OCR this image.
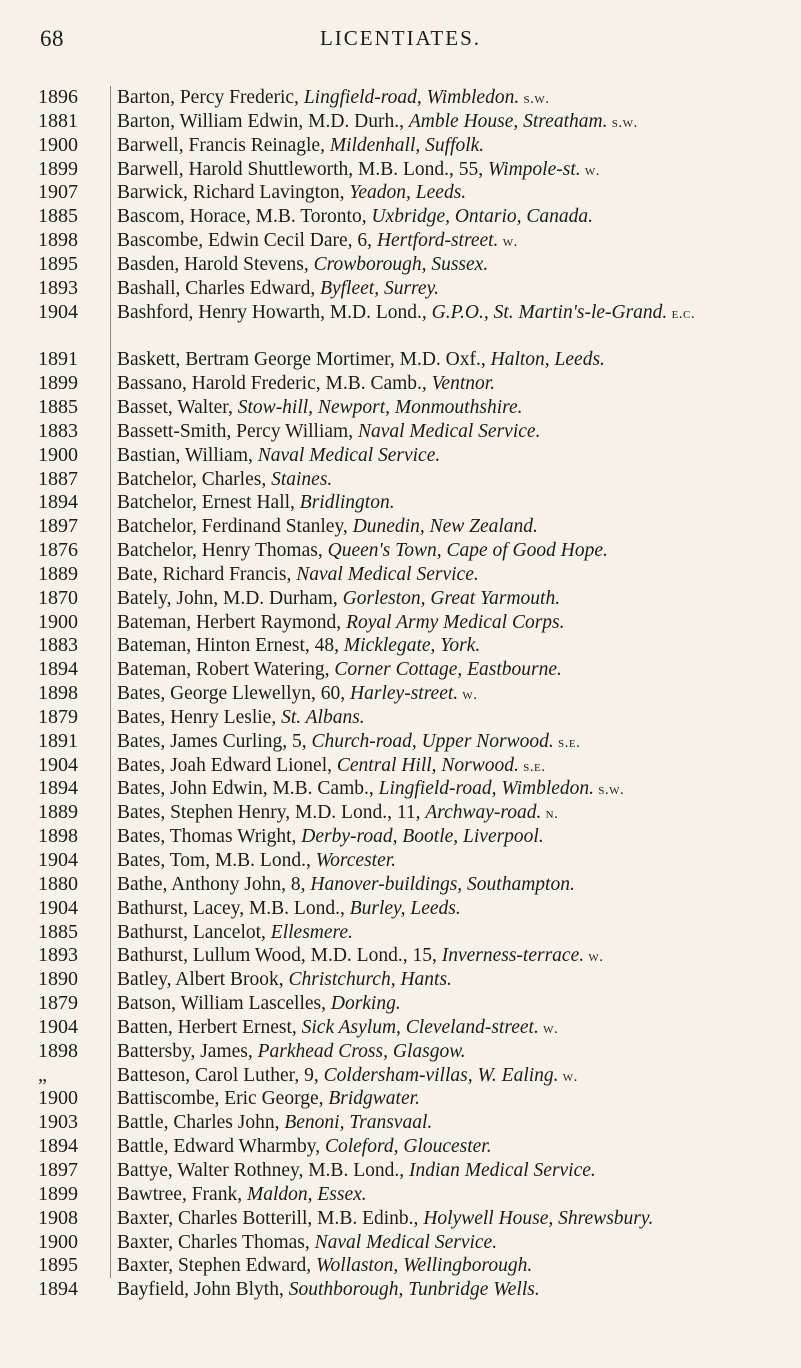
68	LICENTIATES.
1896	Barton, Percy Frederic, Lingfield-road, Wimbledon. s.w.
1881	Barton, William Edwin, M.D. Durh., Amble House, Streatham. s.w.
1900	Barwell, Francis Reinagle, Mildenhall, Suffolk.
1899	Barwell, Harold Shuttleworth, M.B. Lond., 55, Wimpole-st. w.
1907	Barwick, Richard Lavington, Yeadon, Leeds.
1885	Bascom, Horace, M.B. Toronto, Uxbridge, Ontario, Canada.
1898	Bascombe, Edwin Cecil Dare, 6, Hertford-street. w.
1895	Basden, Harold Stevens, Crowborough, Sussex.
1893	Bashall, Charles Edward, Byfleet, Surrey.
1904	Bashford, Henry Howarth, M.D. Lond., G.P.O., St. Martin's-le-Grand. e.c.
1891	Baskett, Bertram George Mortimer, M.D. Oxf., Halton, Leeds.
1899	Bassano, Harold Frederic, M.B. Camb., Ventnor.
1885	Basset, Walter, Stow-hill, Newport, Monmouthshire.
1883	Bassett-Smith, Percy William, Naval Medical Service.
1900	Bastian, William, Naval Medical Service.
1887	Batchelor, Charles, Staines.
1894	Batchelor, Ernest Hall, Bridlington.
1897	Batchelor, Ferdinand Stanley, Dunedin, New Zealand.
1876	Batchelor, Henry Thomas, Queen's Town, Cape of Good Hope.
1889	Bate, Richard Francis, Naval Medical Service.
1870	Bately, John, M.D. Durham, Gorleston, Great Yarmouth.
1900	Bateman, Herbert Raymond, Royal Army Medical Corps.
1883	Bateman, Hinton Ernest, 48, Micklegate, York.
1894	Bateman, Robert Watering, Corner Cottage, Eastbourne.
1898	Bates, George Llewellyn, 60, Harley-street. w.
1879	Bates, Henry Leslie, St. Albans.
1891	Bates, James Curling, 5, Church-road, Upper Norwood. s.e.
1904	Bates, Joah Edward Lionel, Central Hill, Norwood. s.e.
1894	Bates, John Edwin, M.B. Camb., Lingfield-road, Wimbledon. s.w.
1889	Bates, Stephen Henry, M.D. Lond., 11, Archway-road. n.
1898	Bates, Thomas Wright, Derby-road, Bootle, Liverpool.
1904	Bates, Tom, M.B. Lond., Worcester.
1880	Bathe, Anthony John, 8, Hanover-buildings, Southampton.
1904	Bathurst, Lacey, M.B. Lond., Burley, Leeds.
1885	Bathurst, Lancelot, Ellesmere.
1893	Bathurst, Lullum Wood, M.D. Lond., 15, Inverness-terrace. w.
1890	Batley, Albert Brook, Christchurch, Hants.
1879	Batson, William Lascelles, Dorking.
1904	Batten, Herbert Ernest, Sick Asylum, Cleveland-street. w.
1898	Battersby, James, Parkhead Cross, Glasgow.
„	Batteson, Carol Luther, 9, Coldersham-villas, W. Ealing. w.
1900	Battiscombe, Eric George, Bridgwater.
1903	Battle, Charles John, Benoni, Transvaal.
1894	Battle, Edward Wharmby, Coleford, Gloucester.
1897	Battye, Walter Rothney, M.B. Lond., Indian Medical Service.
1899	Bawtree, Frank, Maldon, Essex.
1908	Baxter, Charles Botterill, M.B. Edinb., Holywell House, Shrewsbury.
1900	Baxter, Charles Thomas, Naval Medical Service.
1895	Baxter, Stephen Edward, Wollaston, Wellingborough.
1894	Bayfield, John Blyth, Southborough, Tunbridge Wells.
